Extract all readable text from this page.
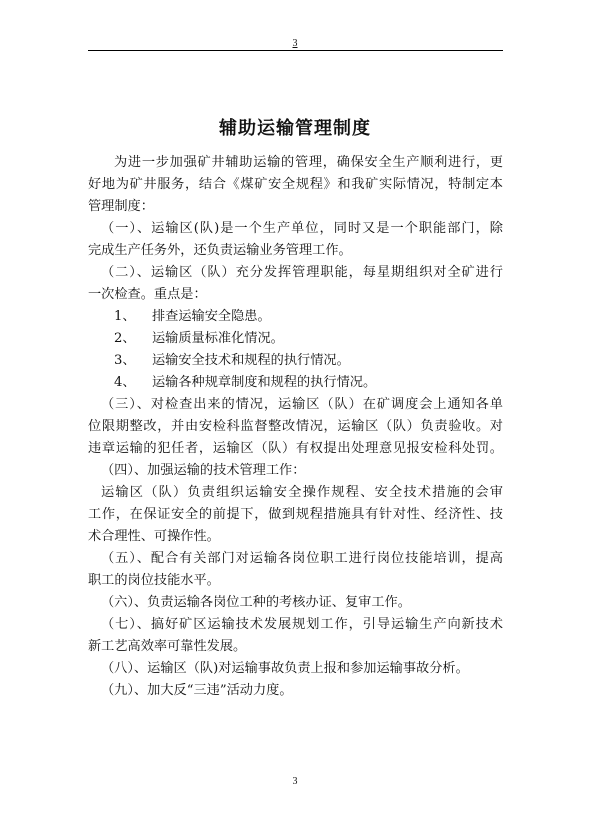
3
辅助运输管理制度
为进一步加强矿井辅助运输的管理，确保安全生产顺利进行，更
好地为矿井服务，结合《煤矿安全规程》和我矿实际情况，特制定本
管理制度：
（一）、运输区(队)是一个生产单位，同时又是一个职能部门，除
完成生产任务外，还负责运输业务管理工作。
（二）、运输区（队）充分发挥管理职能，每星期组织对全矿进行
一次检查。重点是：
1、 排查运输安全隐患。
2、 运输质量标准化情况。
3、 运输安全技术和规程的执行情况。
4、 运输各种规章制度和规程的执行情况。
（三）、对检查出来的情况，运输区（队）在矿调度会上通知各单
位限期整改，并由安检科监督整改情况，运输区（队）负责验收。对
违章运输的犯任者，运输区（队）有权提出处理意见报安检科处罚。
（四）、加强运输的技术管理工作：
运输区（队）负责组织运输安全操作规程、安全技术措施的会审
工作，在保证安全的前提下，做到规程措施具有针对性、经济性、技
术合理性、可操作性。
（五）、配合有关部门对运输各岗位职工进行岗位技能培训，提高
职工的岗位技能水平。
（六）、负责运输各岗位工种的考核办证、复审工作。
（七）、搞好矿区运输技术发展规划工作，引导运输生产向新技术
新工艺高效率可靠性发展。
（八）、运输区（队)对运输事故负责上报和参加运输事故分析。
（九）、加大反“三违”活动力度。
3
